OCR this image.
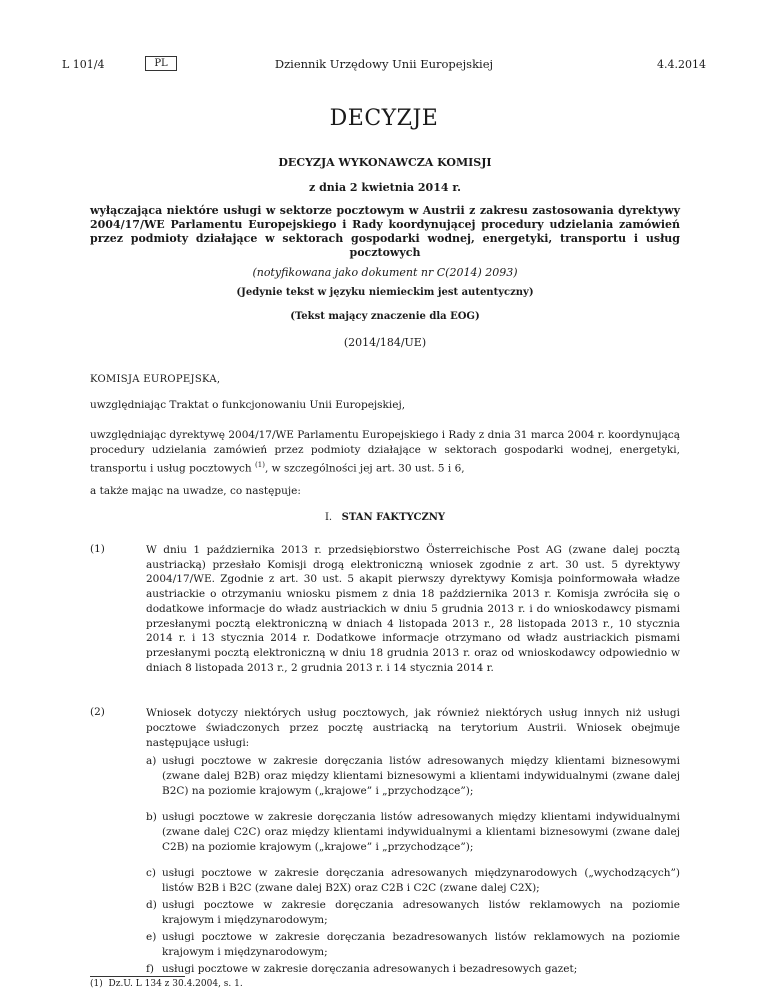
L 101/4	PL	Dziennik Urzędowy Unii Europejskiej	4.4.2014
DECYZJE
DECYZJA WYKONAWCZA KOMISJI
z dnia 2 kwietnia 2014 r.
wyłączająca niektóre usługi w sektorze pocztowym w Austrii z zakresu zastosowania dyrektywy 2004/17/WE Parlamentu Europejskiego i Rady koordynującej procedury udzielania zamówień przez podmioty działające w sektorach gospodarki wodnej, energetyki, transportu i usług pocztowych
(notyfikowana jako dokument nr C(2014) 2093)
(Jedynie tekst w języku niemieckim jest autentyczny)
(Tekst mający znaczenie dla EOG)
(2014/184/UE)
KOMISJA EUROPEJSKA,
uwzględniając Traktat o funkcjonowaniu Unii Europejskiej,
uwzględniając dyrektywę 2004/17/WE Parlamentu Europejskiego i Rady z dnia 31 marca 2004 r. koordynującą procedury udzielania zamówień przez podmioty działające w sektorach gospodarki wodnej, energetyki, transportu i usług pocztowych $^{(1)}$, w szczególności jej art. 30 ust. 5 i 6,
a także mając na uwadze, co następuje:
I. STAN FAKTYCZNY
(1)	W dniu 1 października 2013 r. przedsiębiorstwo Österreichische Post AG (zwane dalej pocztą austriacką) przesłało Komisji drogą elektroniczną wniosek zgodnie z art. 30 ust. 5 dyrektywy 2004/17/WE. Zgodnie z art. 30 ust. 5 akapit pierwszy dyrektywy Komisja poinformowała władze austriackie o otrzymaniu wniosku pismem z dnia 18 października 2013 r. Komisja zwróciła się o dodatkowe informacje do władz austriackich w dniu 5 grudnia 2013 r. i do wnioskodawcy pismami przesłanymi pocztą elektroniczną w dniach 4 listopada 2013 r., 28 listopada 2013 r., 10 stycznia 2014 r. i 13 stycznia 2014 r. Dodatkowe informacje otrzymano od władz austriackich pismami przesłanymi pocztą elektroniczną w dniu 18 grudnia 2013 r. oraz od wnioskodawcy odpowiednio w dniach 8 listopada 2013 r., 2 grudnia 2013 r. i 14 stycznia 2014 r.
(2)	Wniosek dotyczy niektórych usług pocztowych, jak również niektórych usług innych niż usługi pocztowe świadczonych przez pocztę austriacką na terytorium Austrii. Wniosek obejmuje następujące usługi:
a) usługi pocztowe w zakresie doręczania listów adresowanych między klientami biznesowymi (zwane dalej B2B) oraz między klientami biznesowymi a klientami indywidualnymi (zwane dalej B2C) na poziomie krajowym („krajowe” i „przychodzące”);
b) usługi pocztowe w zakresie doręczania listów adresowanych między klientami indywidualnymi (zwane dalej C2C) oraz między klientami indywidualnymi a klientami biznesowymi (zwane dalej C2B) na poziomie krajowym („krajowe” i „przychodzące”);
c) usługi pocztowe w zakresie doręczania adresowanych międzynarodowych („wychodzących”) listów B2B i B2C (zwane dalej B2X) oraz C2B i C2C (zwane dalej C2X);
d) usługi pocztowe w zakresie doręczania adresowanych listów reklamowych na poziomie krajowym i międzynarodowym;
e) usługi pocztowe w zakresie doręczania bezadresowanych listów reklamowych na poziomie krajowym i międzynarodowym;
f) usługi pocztowe w zakresie doręczania adresowanych i bezadresowych gazet;
(1) Dz.U. L 134 z 30.4.2004, s. 1.
